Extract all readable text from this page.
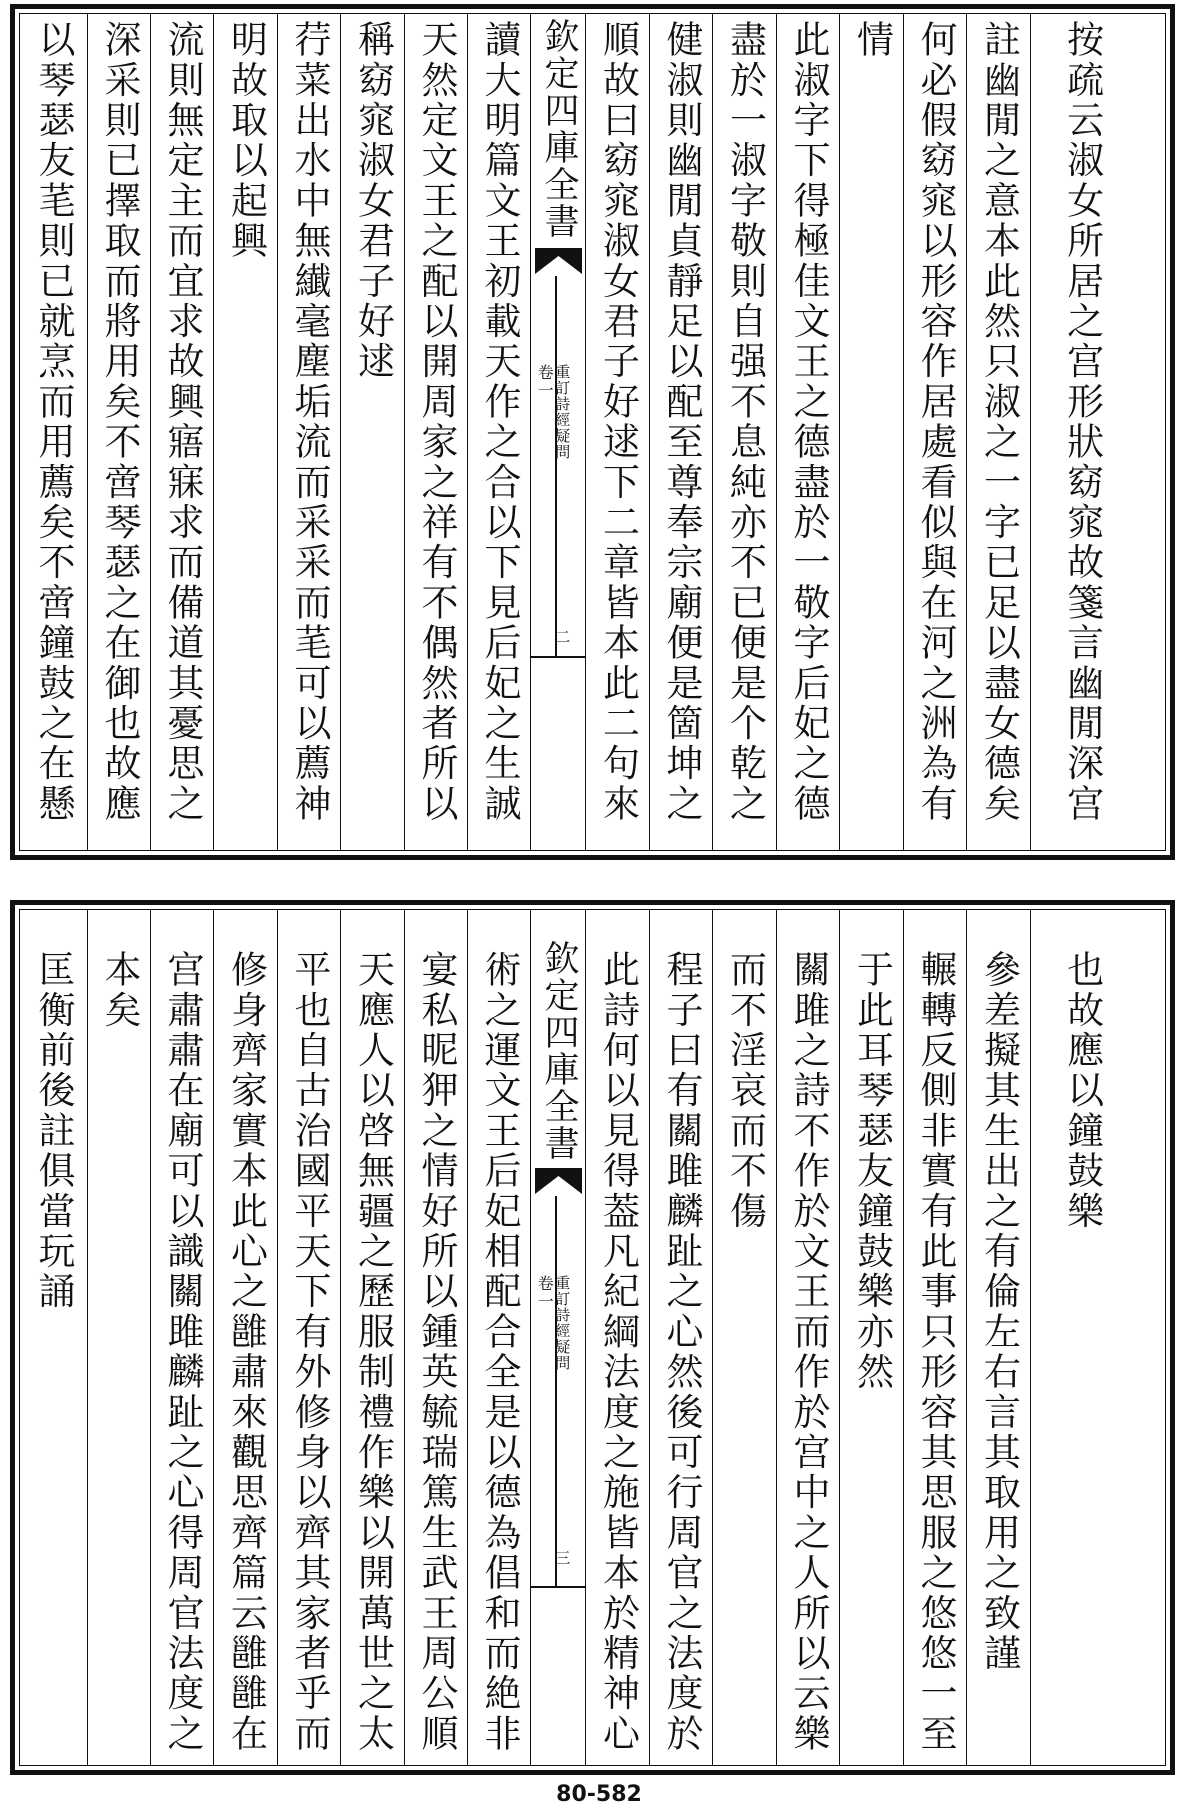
以琴瑟友芼則已就烹而用薦矣不啻鐘鼓之在懸 深采則已擇取而將用矣不啻琴瑟之在御也故應 流則無定主而宜求故興寤寐求而備道其憂思之 明故取以起興 荇菜出水中無纎毫塵垢流而采采而芼可以薦神 稱窈窕淑女君子好逑 天然定文王之配以開周家之祥有不偶然者所以 讀大明篇文王初載天作之合以下見后妃之生誠 欽定四庫全書
卷一 重訂詩經疑問
二 順故曰窈窕淑女君子好逑下二章皆本此二句來 健淑則幽閒貞靜足以配至尊奉宗廟便是箇坤之 盡於一淑字敬則自强不息純亦不已便是个乾之 此淑字下得極佳文王之德盡於一敬字后妃之德 情 何必假窈窕以形容作居處看似與在河之洲為有 註幽閒之意本此然只淑之一字已足以盡女德矣 按疏云淑女所居之宫形狀窈窕故箋言幽閒深宫
匡衡前後註俱當玩誦 本矣 宫肅肅在廟可以識關雎麟趾之心得周官法度之 修身齊家實本此心之雝肅來觀思齊篇云雝雝在 平也自古治國平天下有外修身以齊其家者乎而 天應人以啓無疆之歷服制禮作樂以開萬世之太 宴私昵狎之情好所以鍾英毓瑞篤生武王周公順 術之運文王后妃相配合全是以德為倡和而絶非 欽定四庫全書
卷一 重訂詩經疑問
三 此詩何以見得葢凡紀綱法度之施皆本於精神心 程子曰有關雎麟趾之心然後可行周官之法度於 而不淫哀而不傷 關雎之詩不作於文王而作於宫中之人所以云樂 于此耳琴瑟友鐘鼓樂亦然 輾轉反側非實有此事只形容其思服之悠悠一至 參差擬其生出之有倫左右言其取用之致謹 也故應以鐘鼓樂
80-582
